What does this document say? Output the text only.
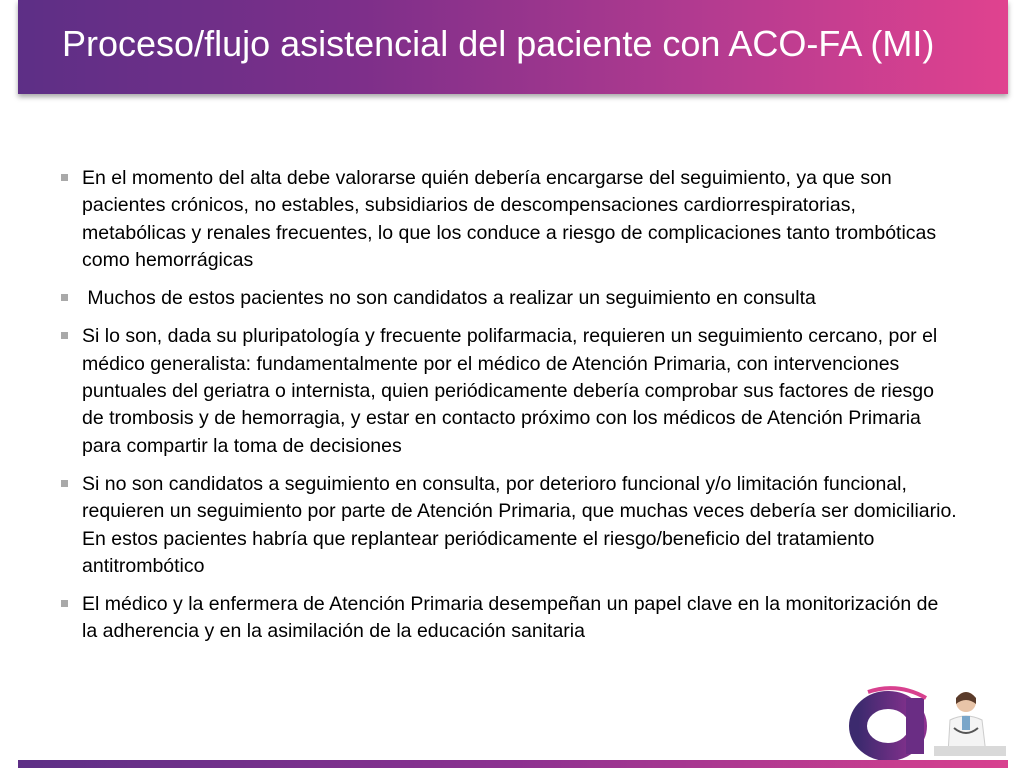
Proceso/flujo asistencial del paciente con ACO-FA (MI)
En el momento del alta debe valorarse quién debería encargarse del seguimiento, ya que son pacientes crónicos, no estables, subsidiarios de descompensaciones cardiorrespiratorias, metabólicas y renales frecuentes, lo que los conduce a riesgo de complicaciones tanto trombóticas como hemorrágicas
Muchos de estos pacientes no son candidatos a realizar un seguimiento en consulta
Si lo son, dada su pluripatología y frecuente polifarmacia, requieren un seguimiento cercano, por el médico generalista: fundamentalmente por el médico de Atención Primaria, con intervenciones puntuales del geriatra o internista, quien periódicamente debería comprobar sus factores de riesgo de trombosis y de hemorragia, y estar en contacto próximo con los médicos de Atención Primaria para compartir la toma de decisiones
Si no son candidatos a seguimiento en consulta, por deterioro funcional y/o limitación funcional, requieren un seguimiento por parte de Atención Primaria, que muchas veces debería ser domiciliario. En estos pacientes habría que replantear periódicamente el riesgo/beneficio del tratamiento antitrombótico
El médico y la enfermera de Atención Primaria desempeñan un papel clave en la monitorización de la adherencia y en la asimilación de la educación sanitaria
